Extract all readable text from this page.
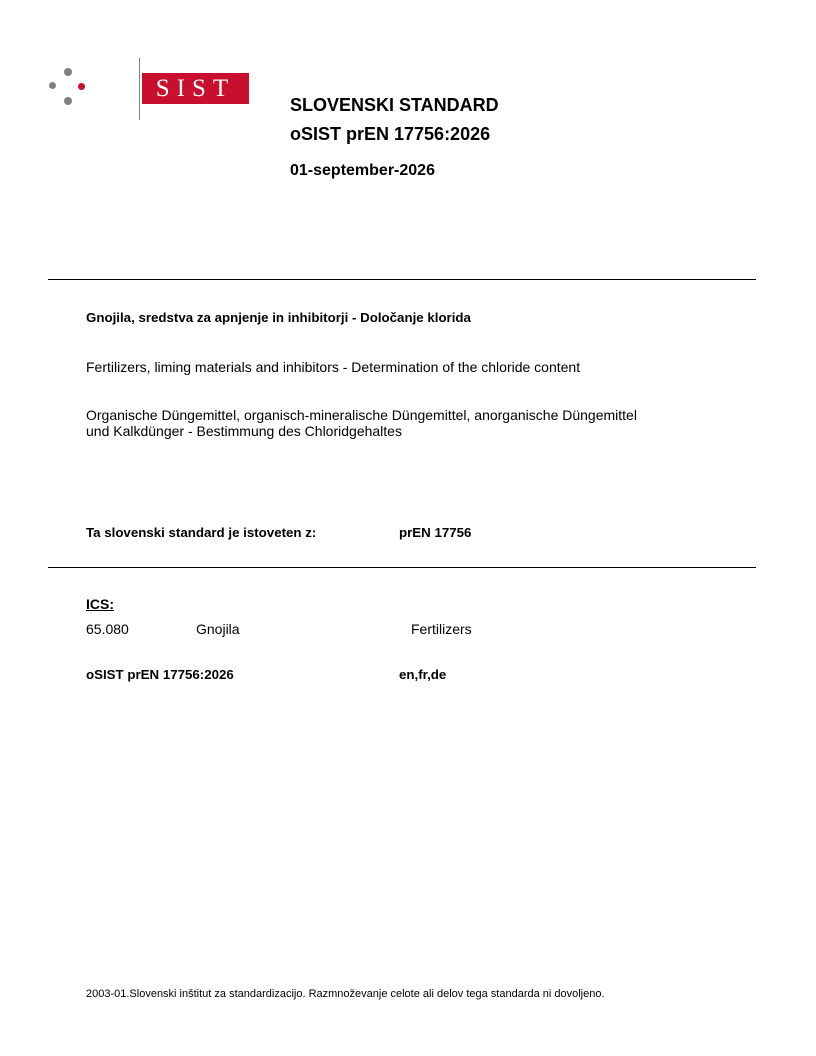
SIST
SLOVENSKI STANDARD
oSIST prEN 17756:2026
01-september-2026
Gnojila, sredstva za apnjenje in inhibitorji - Določanje klorida
Fertilizers, liming materials and inhibitors - Determination of the chloride content
Organische Düngemittel, organisch-mineralische Düngemittel, anorganische Düngemittel
und Kalkdünger - Bestimmung des Chloridgehaltes
Ta slovenski standard je istoveten z:	prEN 17756
ICS:
65.080	Gnojila	Fertilizers
oSIST prEN 17756:2026	en,fr,de
2003-01.Slovenski inštitut za standardizacijo. Razmnoževanje celote ali delov tega standarda ni dovoljeno.
